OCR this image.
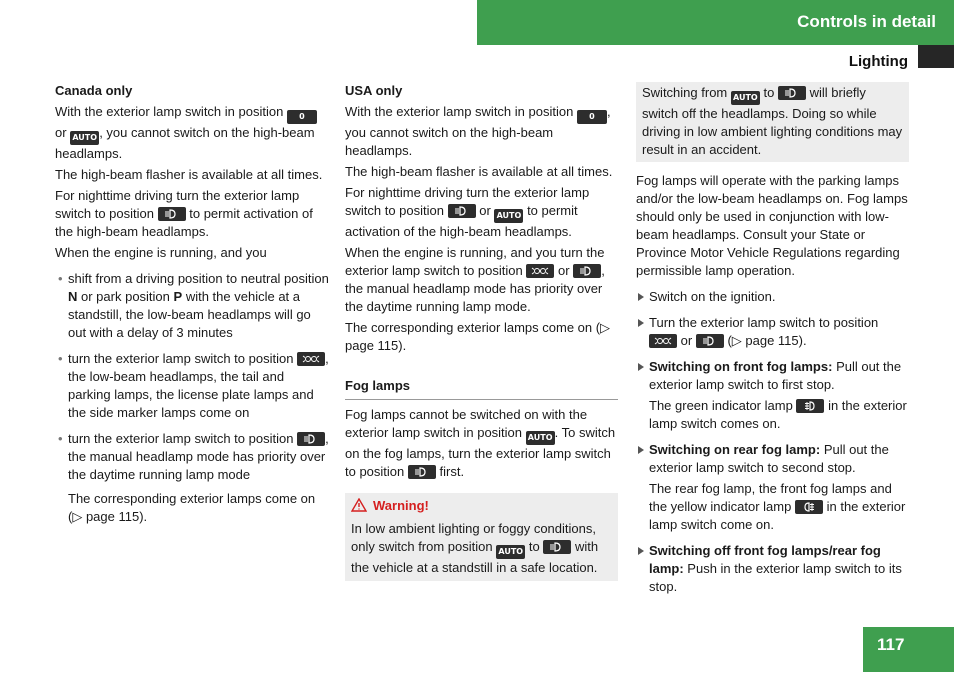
Controls in detail
Lighting
Canada only

With the exterior lamp switch in position 0 or AUTO , you cannot switch on the high-beam headlamps.

The high-beam flasher is available at all times.

For nighttime driving turn the exterior lamp switch to position	to permit activation of the high-beam headlamps.

When the engine is running, and you

• shift from a driving position to neutral position N or park position P with the vehicle at a standstill, the low-beam headlamps will go out with a delay of 3 minutes
• turn the exterior lamp switch to position , the low-beam headlamps, the tail and parking lamps, the license plate lamps and the side marker lamps come on
• turn the exterior lamp switch to position , the manual headlamp mode has priority over the daytime running lamp mode

The corresponding exterior lamps come on (▷ page 115).

USA only

With the exterior lamp switch in position 0 , you cannot switch on the high-beam headlamps.

The high-beam flasher is available at all times.

For nighttime driving turn the exterior lamp switch to position	or AUTO to permit activation of the high-beam headlamps.

When the engine is running, and you turn the exterior lamp switch to position	or , the manual headlamp mode has priority over the daytime running lamp mode.

The corresponding exterior lamps come on (▷ page 115).

Fog lamps

Fog lamps cannot be switched on with the exterior lamp switch in position AUTO . To switch on the fog lamps, turn the exterior lamp switch to position	first.

Warning!
In low ambient lighting or foggy conditions, only switch from position AUTO to	with the vehicle at a standstill in a safe location.
Switching from AUTO to	will briefly switch off the headlamps. Doing so while driving in low ambient lighting conditions may result in an accident.

Fog lamps will operate with the parking lamps and/or the low-beam headlamps on. Fog lamps should only be used in conjunction with low-beam headlamps. Consult your State or Province Motor Vehicle Regulations regarding permissible lamp operation.

Switch on the ignition.
Turn the exterior lamp switch to position
or	(▷ page 115).
Switching on front fog lamps: Pull out the exterior lamp switch to first stop.

The green indicator lamp	in the exterior lamp switch comes on.

Switching on rear fog lamp: Pull out the exterior lamp switch to second stop.

The rear fog lamp, the front fog lamps and the yellow indicator lamp	in the exterior lamp switch come on.

Switching off front fog lamps/rear fog lamp: Push in the exterior lamp switch to its stop.
117
